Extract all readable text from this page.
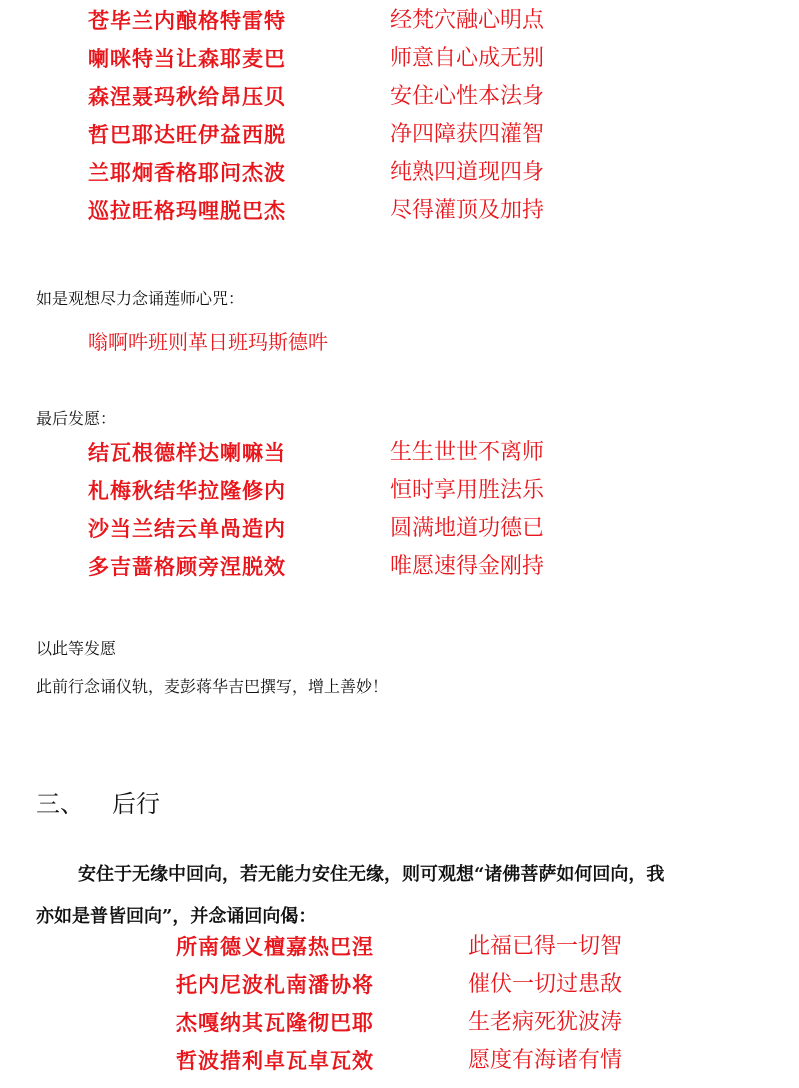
苍毕兰内酿格特雷特	经梵穴融心明点
喇咪特当让森耶麦巴	师意自心成无别
森涅聂玛秋给昂压贝	安住心性本法身
哲巴耶达旺伊益西脱	净四障获四灌智
兰耶炯香格耶问杰波	纯熟四道现四身
巡拉旺格玛哩脱巴杰	尽得灌顶及加持
如是观想尽力念诵莲师心咒：
嗡啊吽班则革日班玛斯德吽
最后发愿：
结瓦根德样达喇嘛当	生生世世不离师
札梅秋结华拉隆修内	恒时享用胜法乐
沙当兰结云单咼造内	圆满地道功德已
多吉蔷格顾旁涅脱效	唯愿速得金刚持
以此等发愿
此前行念诵仪轨，麦彭蒋华吉巴撰写，增上善妙！
三、 后行
安住于无缘中回向，若无能力安住无缘，则可观想“诸佛菩萨如何回向，我
亦如是普皆回向”，并念诵回向偈：
所南德义檀嘉热巴涅	此福已得一切智
托内尼波札南潘协将	催伏一切过患敌
杰嘎纳其瓦隆彻巴耶	生老病死犹波涛
哲波措利卓瓦卓瓦效	愿度有海诸有情
